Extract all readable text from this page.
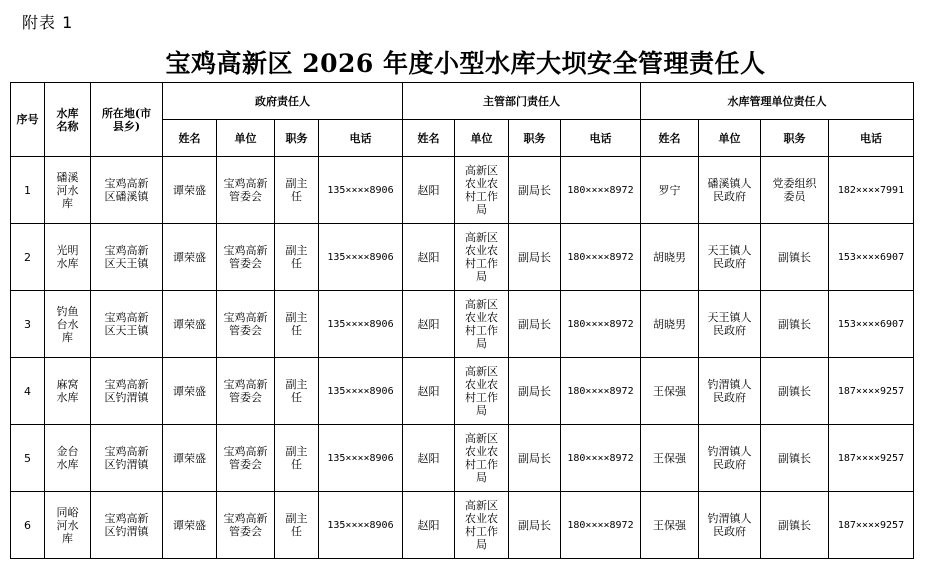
附表 1
宝鸡高新区 2026 年度小型水库大坝安全管理责任人
序号	水库名称	所在地(市县乡)	政府责任人				主管部门责任人				水库管理单位责任人			
			姓名	单位	职务	电话	姓名	单位	职务	电话	姓名	单位	职务	电话
1	磻溪河水库	宝鸡高新区磻溪镇	谭荣盛	宝鸡高新管委会	副主任	135××××8906	赵阳	高新区农业农村工作局	副局长	180××××8972	罗宁	磻溪镇人民政府	党委组织委员	182××××7991
2	光明水库	宝鸡高新区天王镇	谭荣盛	宝鸡高新管委会	副主任	135××××8906	赵阳	高新区农业农村工作局	副局长	180××××8972	胡晓男	天王镇人民政府	副镇长	153××××6907
3	钓鱼台水库	宝鸡高新区天王镇	谭荣盛	宝鸡高新管委会	副主任	135××××8906	赵阳	高新区农业农村工作局	副局长	180××××8972	胡晓男	天王镇人民政府	副镇长	153××××6907
4	麻窝水库	宝鸡高新区钓渭镇	谭荣盛	宝鸡高新管委会	副主任	135××××8906	赵阳	高新区农业农村工作局	副局长	180××××8972	王保强	钓渭镇人民政府	副镇长	187××××9257
5	金台水库	宝鸡高新区钓渭镇	谭荣盛	宝鸡高新管委会	副主任	135××××8906	赵阳	高新区农业农村工作局	副局长	180××××8972	王保强	钓渭镇人民政府	副镇长	187××××9257
6	同峪河水库	宝鸡高新区钓渭镇	谭荣盛	宝鸡高新管委会	副主任	135××××8906	赵阳	高新区农业农村工作局	副局长	180××××8972	王保强	钓渭镇人民政府	副镇长	187××××9257
